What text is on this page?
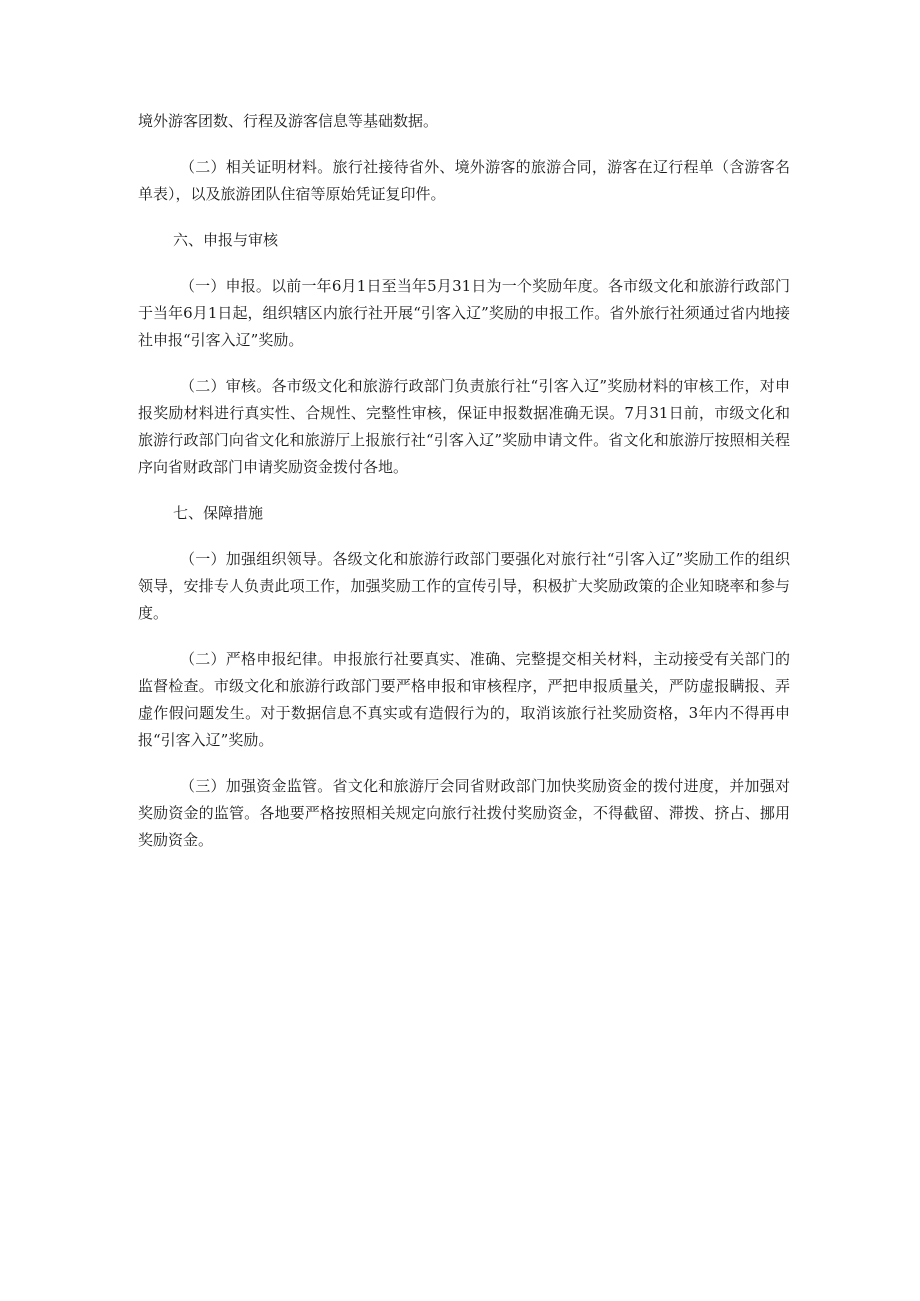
境外游客团数、行程及游客信息等基础数据。

（二）相关证明材料。旅行社接待省外、境外游客的旅游合同，游客在辽行程单（含游客名单表），以及旅游团队住宿等原始凭证复印件。

六、申报与审核

（一）申报。以前一年6月1日至当年5月31日为一个奖励年度。各市级文化和旅游行政部门于当年6月1日起，组织辖区内旅行社开展“引客入辽”奖励的申报工作。省外旅行社须通过省内地接社申报“引客入辽”奖励。

（二）审核。各市级文化和旅游行政部门负责旅行社“引客入辽”奖励材料的审核工作，对申报奖励材料进行真实性、合规性、完整性审核，保证申报数据准确无误。7月31日前，市级文化和旅游行政部门向省文化和旅游厅上报旅行社“引客入辽”奖励申请文件。省文化和旅游厅按照相关程序向省财政部门申请奖励资金拨付各地。

七、保障措施

（一）加强组织领导。各级文化和旅游行政部门要强化对旅行社“引客入辽”奖励工作的组织领导，安排专人负责此项工作，加强奖励工作的宣传引导，积极扩大奖励政策的企业知晓率和参与度。

（二）严格申报纪律。申报旅行社要真实、准确、完整提交相关材料，主动接受有关部门的监督检查。市级文化和旅游行政部门要严格申报和审核程序，严把申报质量关，严防虚报瞒报、弄虚作假问题发生。对于数据信息不真实或有造假行为的，取消该旅行社奖励资格，3年内不得再申报“引客入辽”奖励。

（三）加强资金监管。省文化和旅游厅会同省财政部门加快奖励资金的拨付进度，并加强对奖励资金的监管。各地要严格按照相关规定向旅行社拨付奖励资金，不得截留、滞拨、挤占、挪用奖励资金。
